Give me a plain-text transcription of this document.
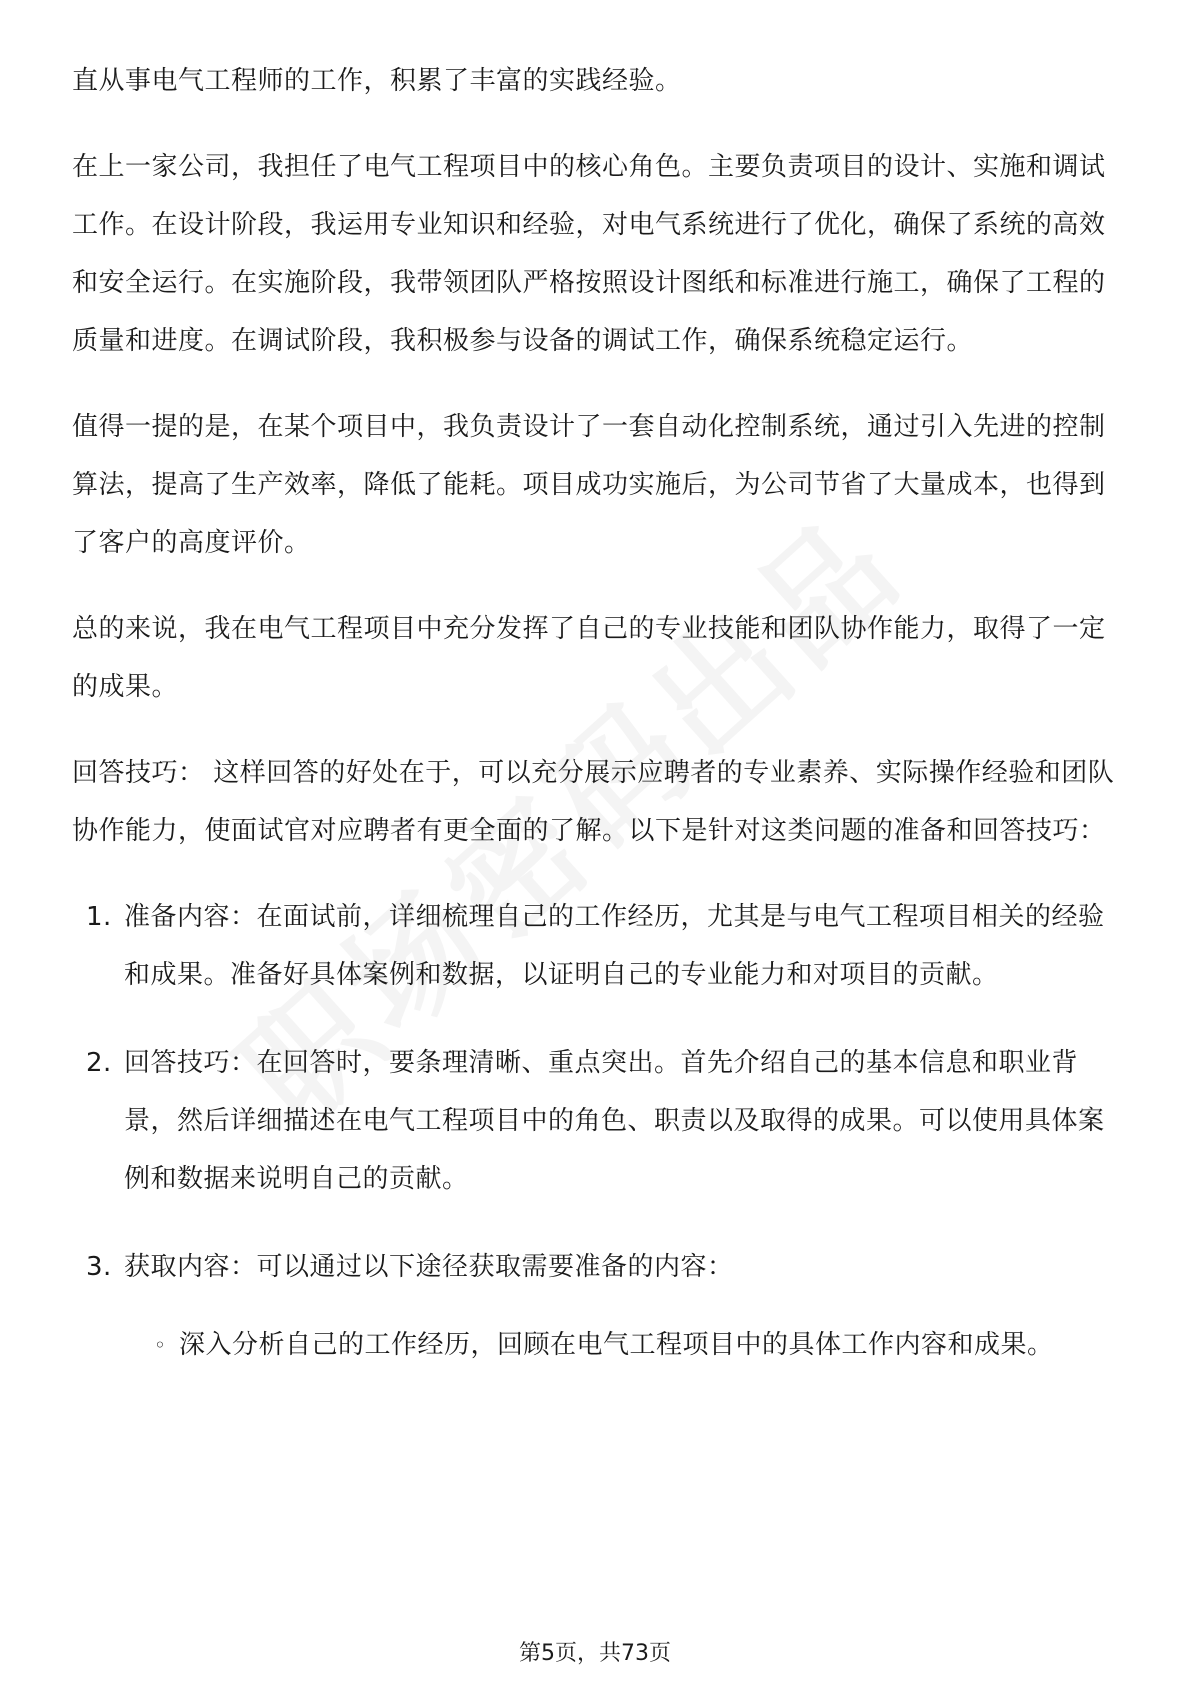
直从事电气工程师的工作，积累了丰富的实践经验。

在上一家公司，我担任了电气工程项目中的核心角色。主要负责项目的设计、实施和调试工作。在设计阶段，我运用专业知识和经验，对电气系统进行了优化，确保了系统的高效和安全运行。在实施阶段，我带领团队严格按照设计图纸和标准进行施工，确保了工程的质量和进度。在调试阶段，我积极参与设备的调试工作，确保系统稳定运行。

值得一提的是，在某个项目中，我负责设计了一套自动化控制系统，通过引入先进的控制算法，提高了生产效率，降低了能耗。项目成功实施后，为公司节省了大量成本，也得到了客户的高度评价。

总的来说，我在电气工程项目中充分发挥了自己的专业技能和团队协作能力，取得了一定的成果。

回答技巧： 这样回答的好处在于，可以充分展示应聘者的专业素养、实际操作经验和团队协作能力，使面试官对应聘者有更全面的了解。以下是针对这类问题的准备和回答技巧：

1. 准备内容：在面试前，详细梳理自己的工作经历，尤其是与电气工程项目相关的经验和成果。准备好具体案例和数据，以证明自己的专业能力和对项目的贡献。
2. 回答技巧：在回答时，要条理清晰、重点突出。首先介绍自己的基本信息和职业背景，然后详细描述在电气工程项目中的角色、职责以及取得的成果。可以使用具体案例和数据来说明自己的贡献。
3. 获取内容：可以通过以下途径获取需要准备的内容：
◦ 深入分析自己的工作经历，回顾在电气工程项目中的具体工作内容和成果。
第5页，共73页
